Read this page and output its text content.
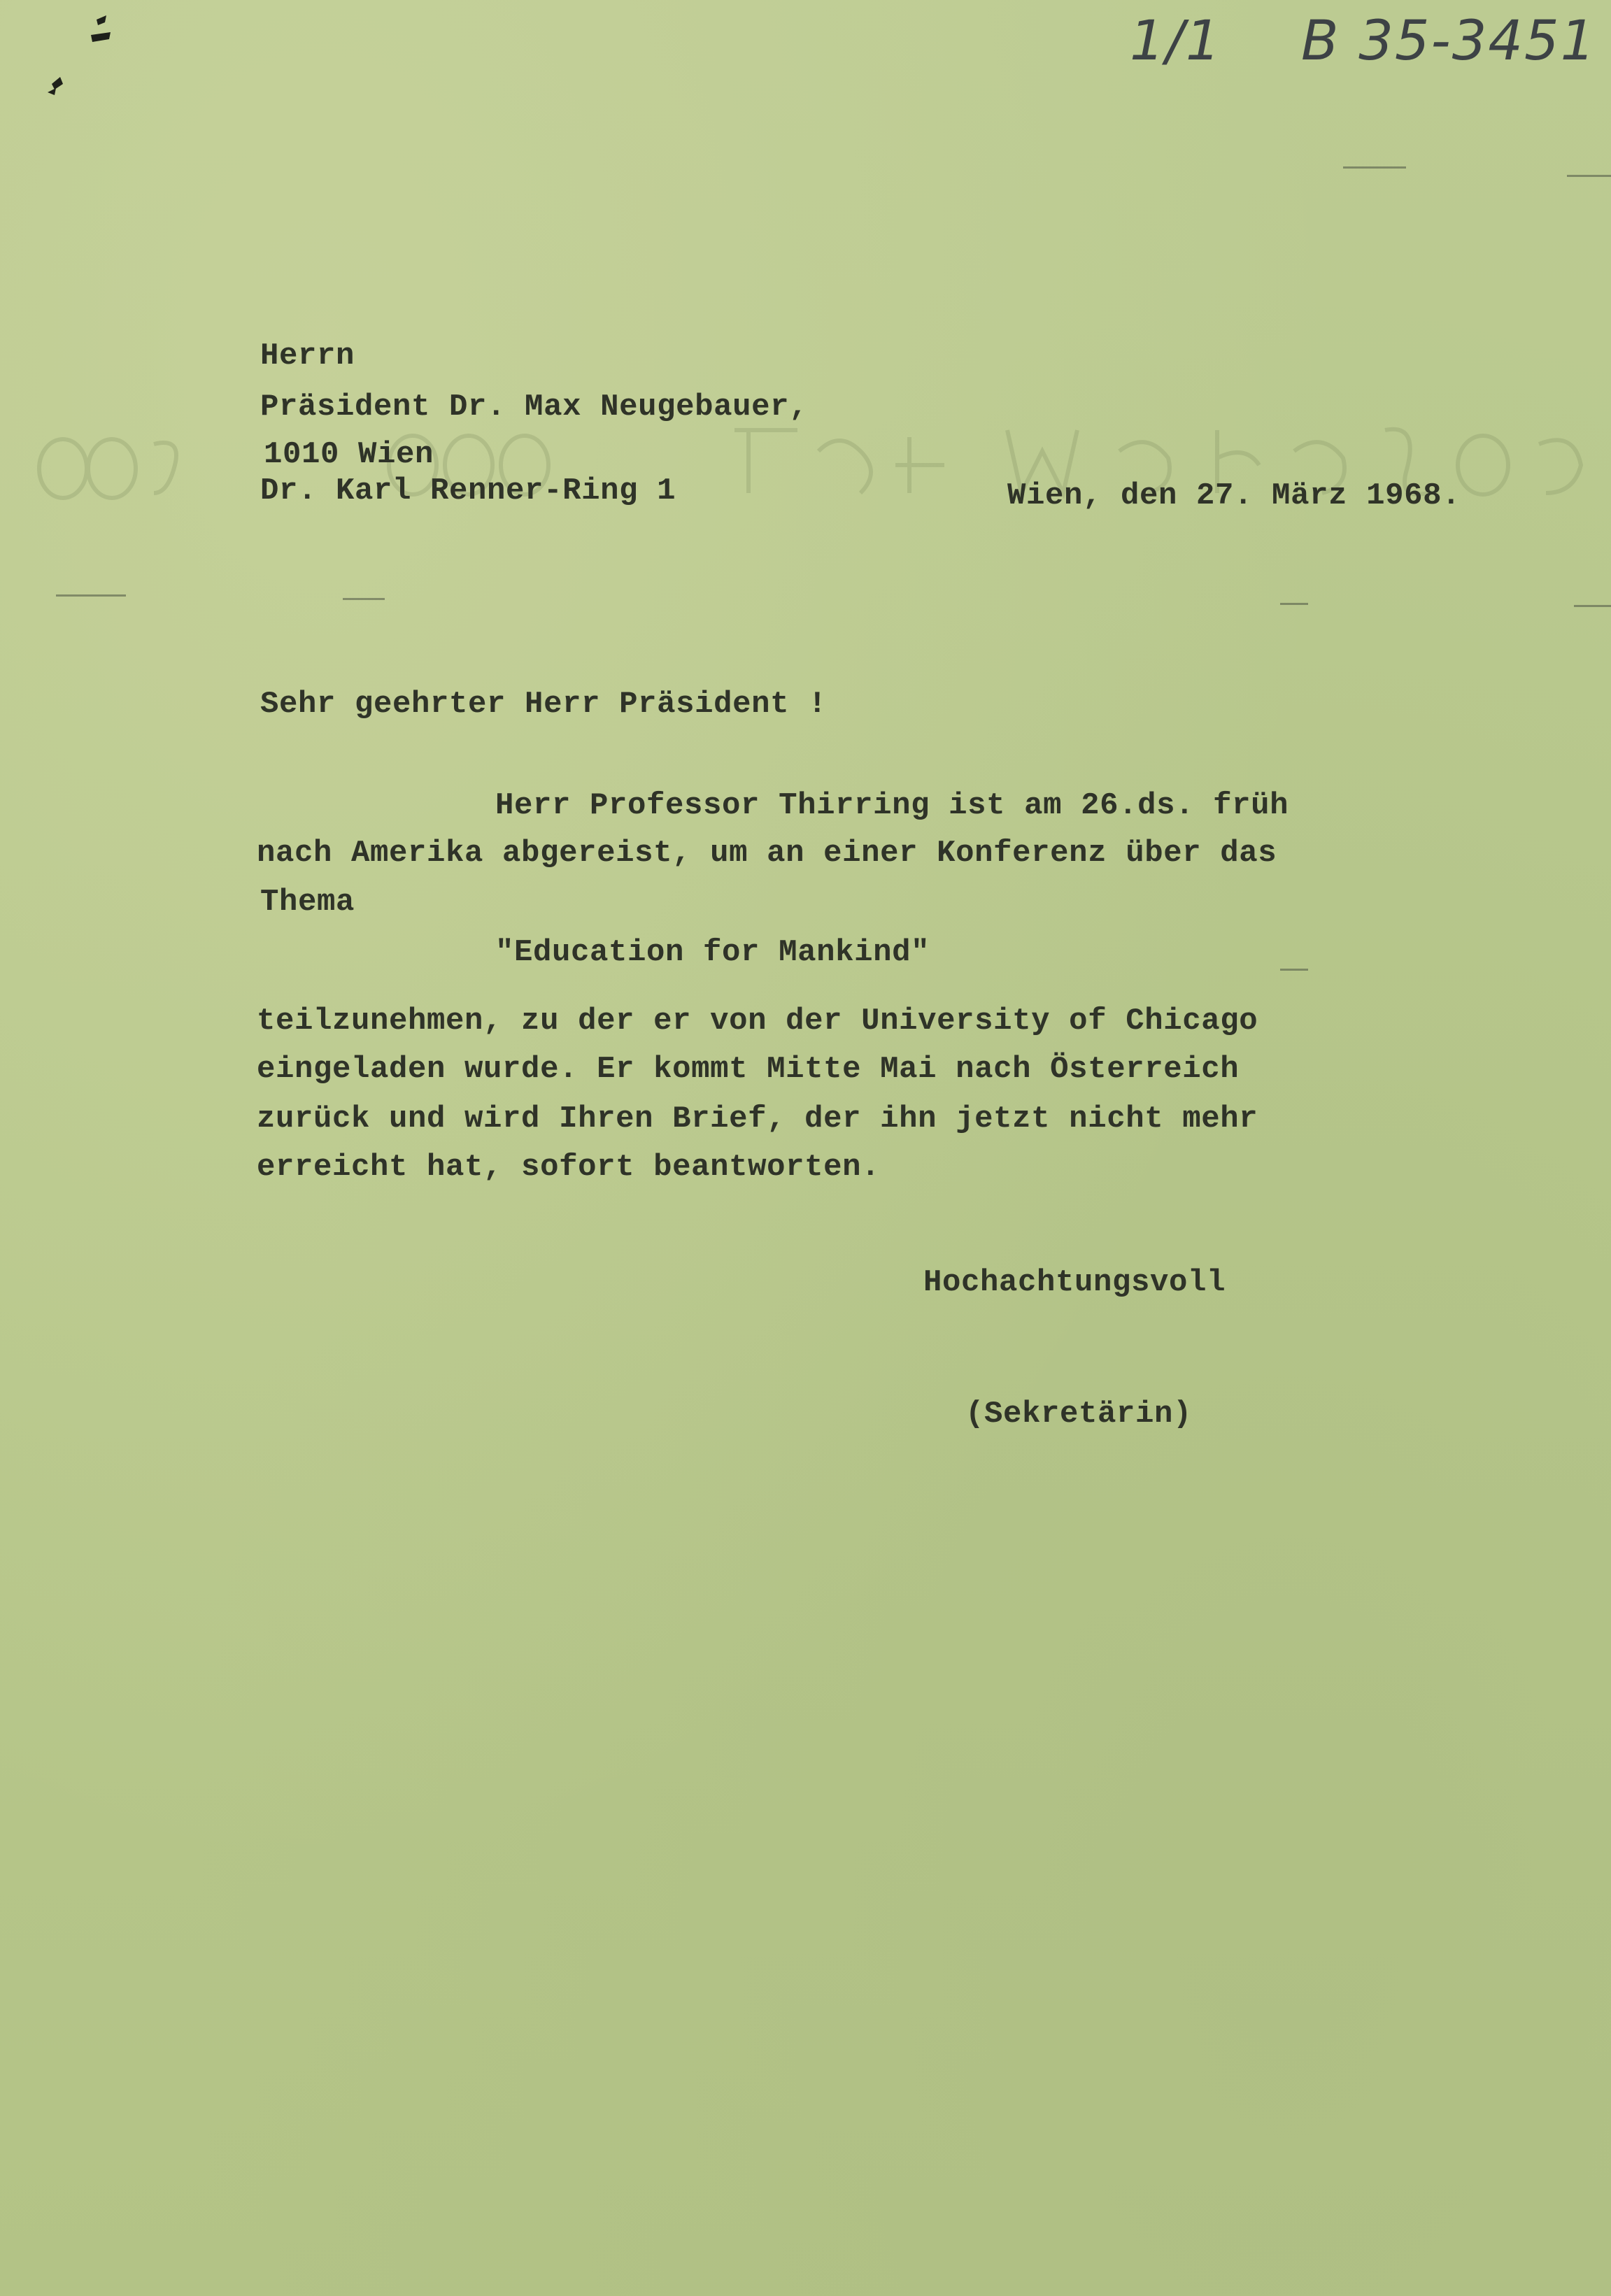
1/1 B 35-3451
Herrn
Präsident Dr. Max Neugebauer,
1010 Wien
Dr. Karl Renner-Ring 1	Wien, den 27. März 1968.
Sehr geehrter Herr Präsident !
Herr Professor Thirring ist am 26.ds. früh
nach Amerika abgereist, um an einer Konferenz über das
Thema
"Education for Mankind"
teilzunehmen, zu der er von der University of Chicago
eingeladen wurde. Er kommt Mitte Mai nach Österreich
zurück und wird Ihren Brief, der ihn jetzt nicht mehr
erreicht hat, sofort beantworten.
Hochachtungsvoll
(Sekretärin)
